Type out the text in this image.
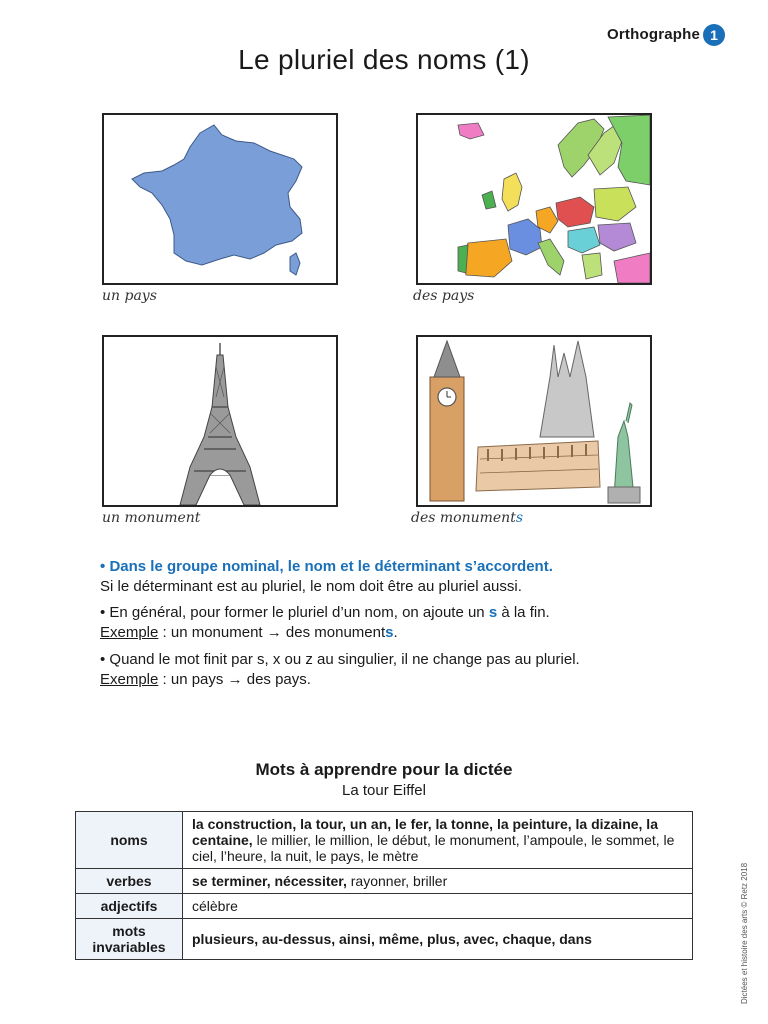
Orthographe 1
Le pluriel des noms (1)
un pays	des pays
un monument	des monuments
• Dans le groupe nominal, le nom et le déterminant s’accordent.
Si le déterminant est au pluriel, le nom doit être au pluriel aussi.
• En général, pour former le pluriel d’un nom, on ajoute un s à la fin.
Exemple : un monument → des monuments.
• Quand le mot finit par s, x ou z au singulier, il ne change pas au pluriel.
Exemple : un pays → des pays.
Mots à apprendre pour la dictée
La tour Eiffel
noms	la construction, la tour, un an, le fer, la tonne, la peinture, la dizaine, la centaine, le millier, le million, le début, le monument, l’ampoule, le sommet, le ciel, l’heure, la nuit, le pays, le mètre
verbes	se terminer, nécessiter, rayonner, briller
adjectifs	célèbre
mots invariables	plusieurs, au-dessus, ainsi, même, plus, avec, chaque, dans	Dictées et histoire des arts © Retz 2018
